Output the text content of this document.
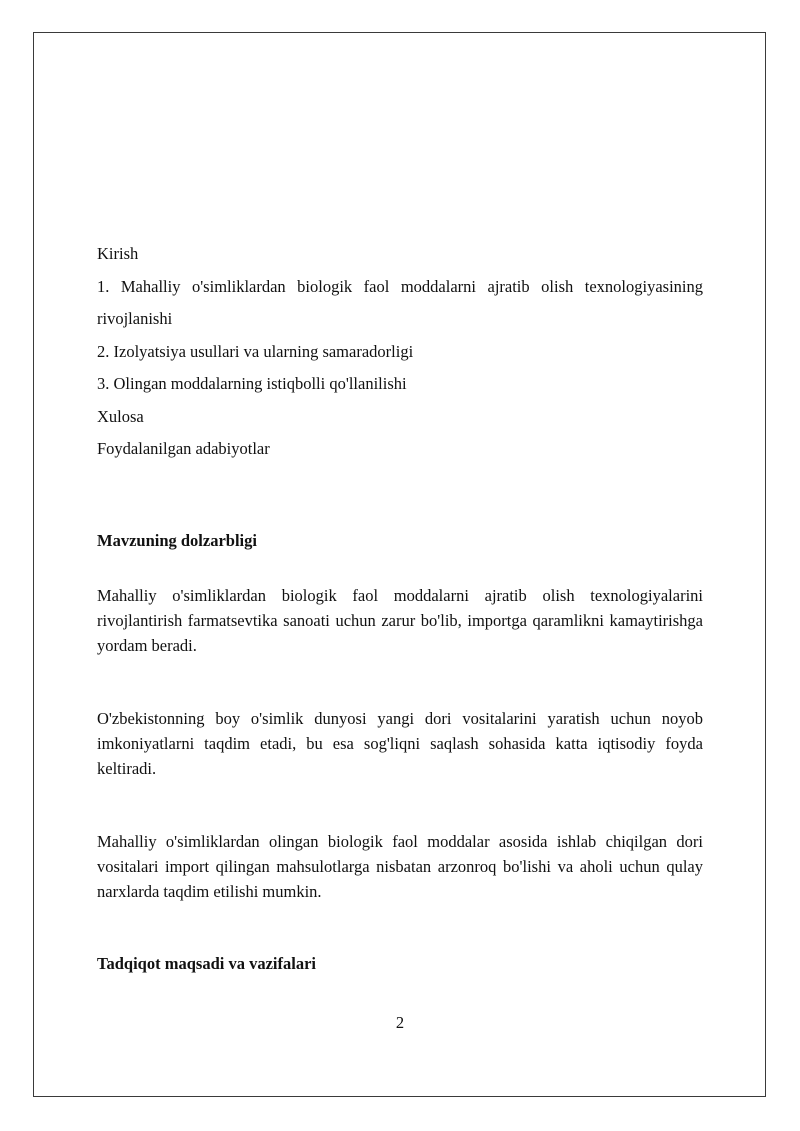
Kirish

1. Mahalliy o'simliklardan biologik faol moddalarni ajratib olish texnologiyasining rivojlanishi

2. Izolyatsiya usullari va ularning samaradorligi

3. Olingan moddalarning istiqbolli qo'llanilishi

Xulosa

Foydalanilgan adabiyotlar

Mavzuning dolzarbligi

Mahalliy o'simliklardan biologik faol moddalarni ajratib olish texnologiyalarini rivojlantirish farmatsevtika sanoati uchun zarur bo'lib, importga qaramlikni kamaytirishga yordam beradi.

O'zbekistonning boy o'simlik dunyosi yangi dori vositalarini yaratish uchun noyob imkoniyatlarni taqdim etadi, bu esa sog'liqni saqlash sohasida katta iqtisodiy foyda keltiradi.

Mahalliy o'simliklardan olingan biologik faol moddalar asosida ishlab chiqilgan dori vositalari import qilingan mahsulotlarga nisbatan arzonroq bo'lishi va aholi uchun qulay narxlarda taqdim etilishi mumkin.

Tadqiqot maqsadi va vazifalari
2
